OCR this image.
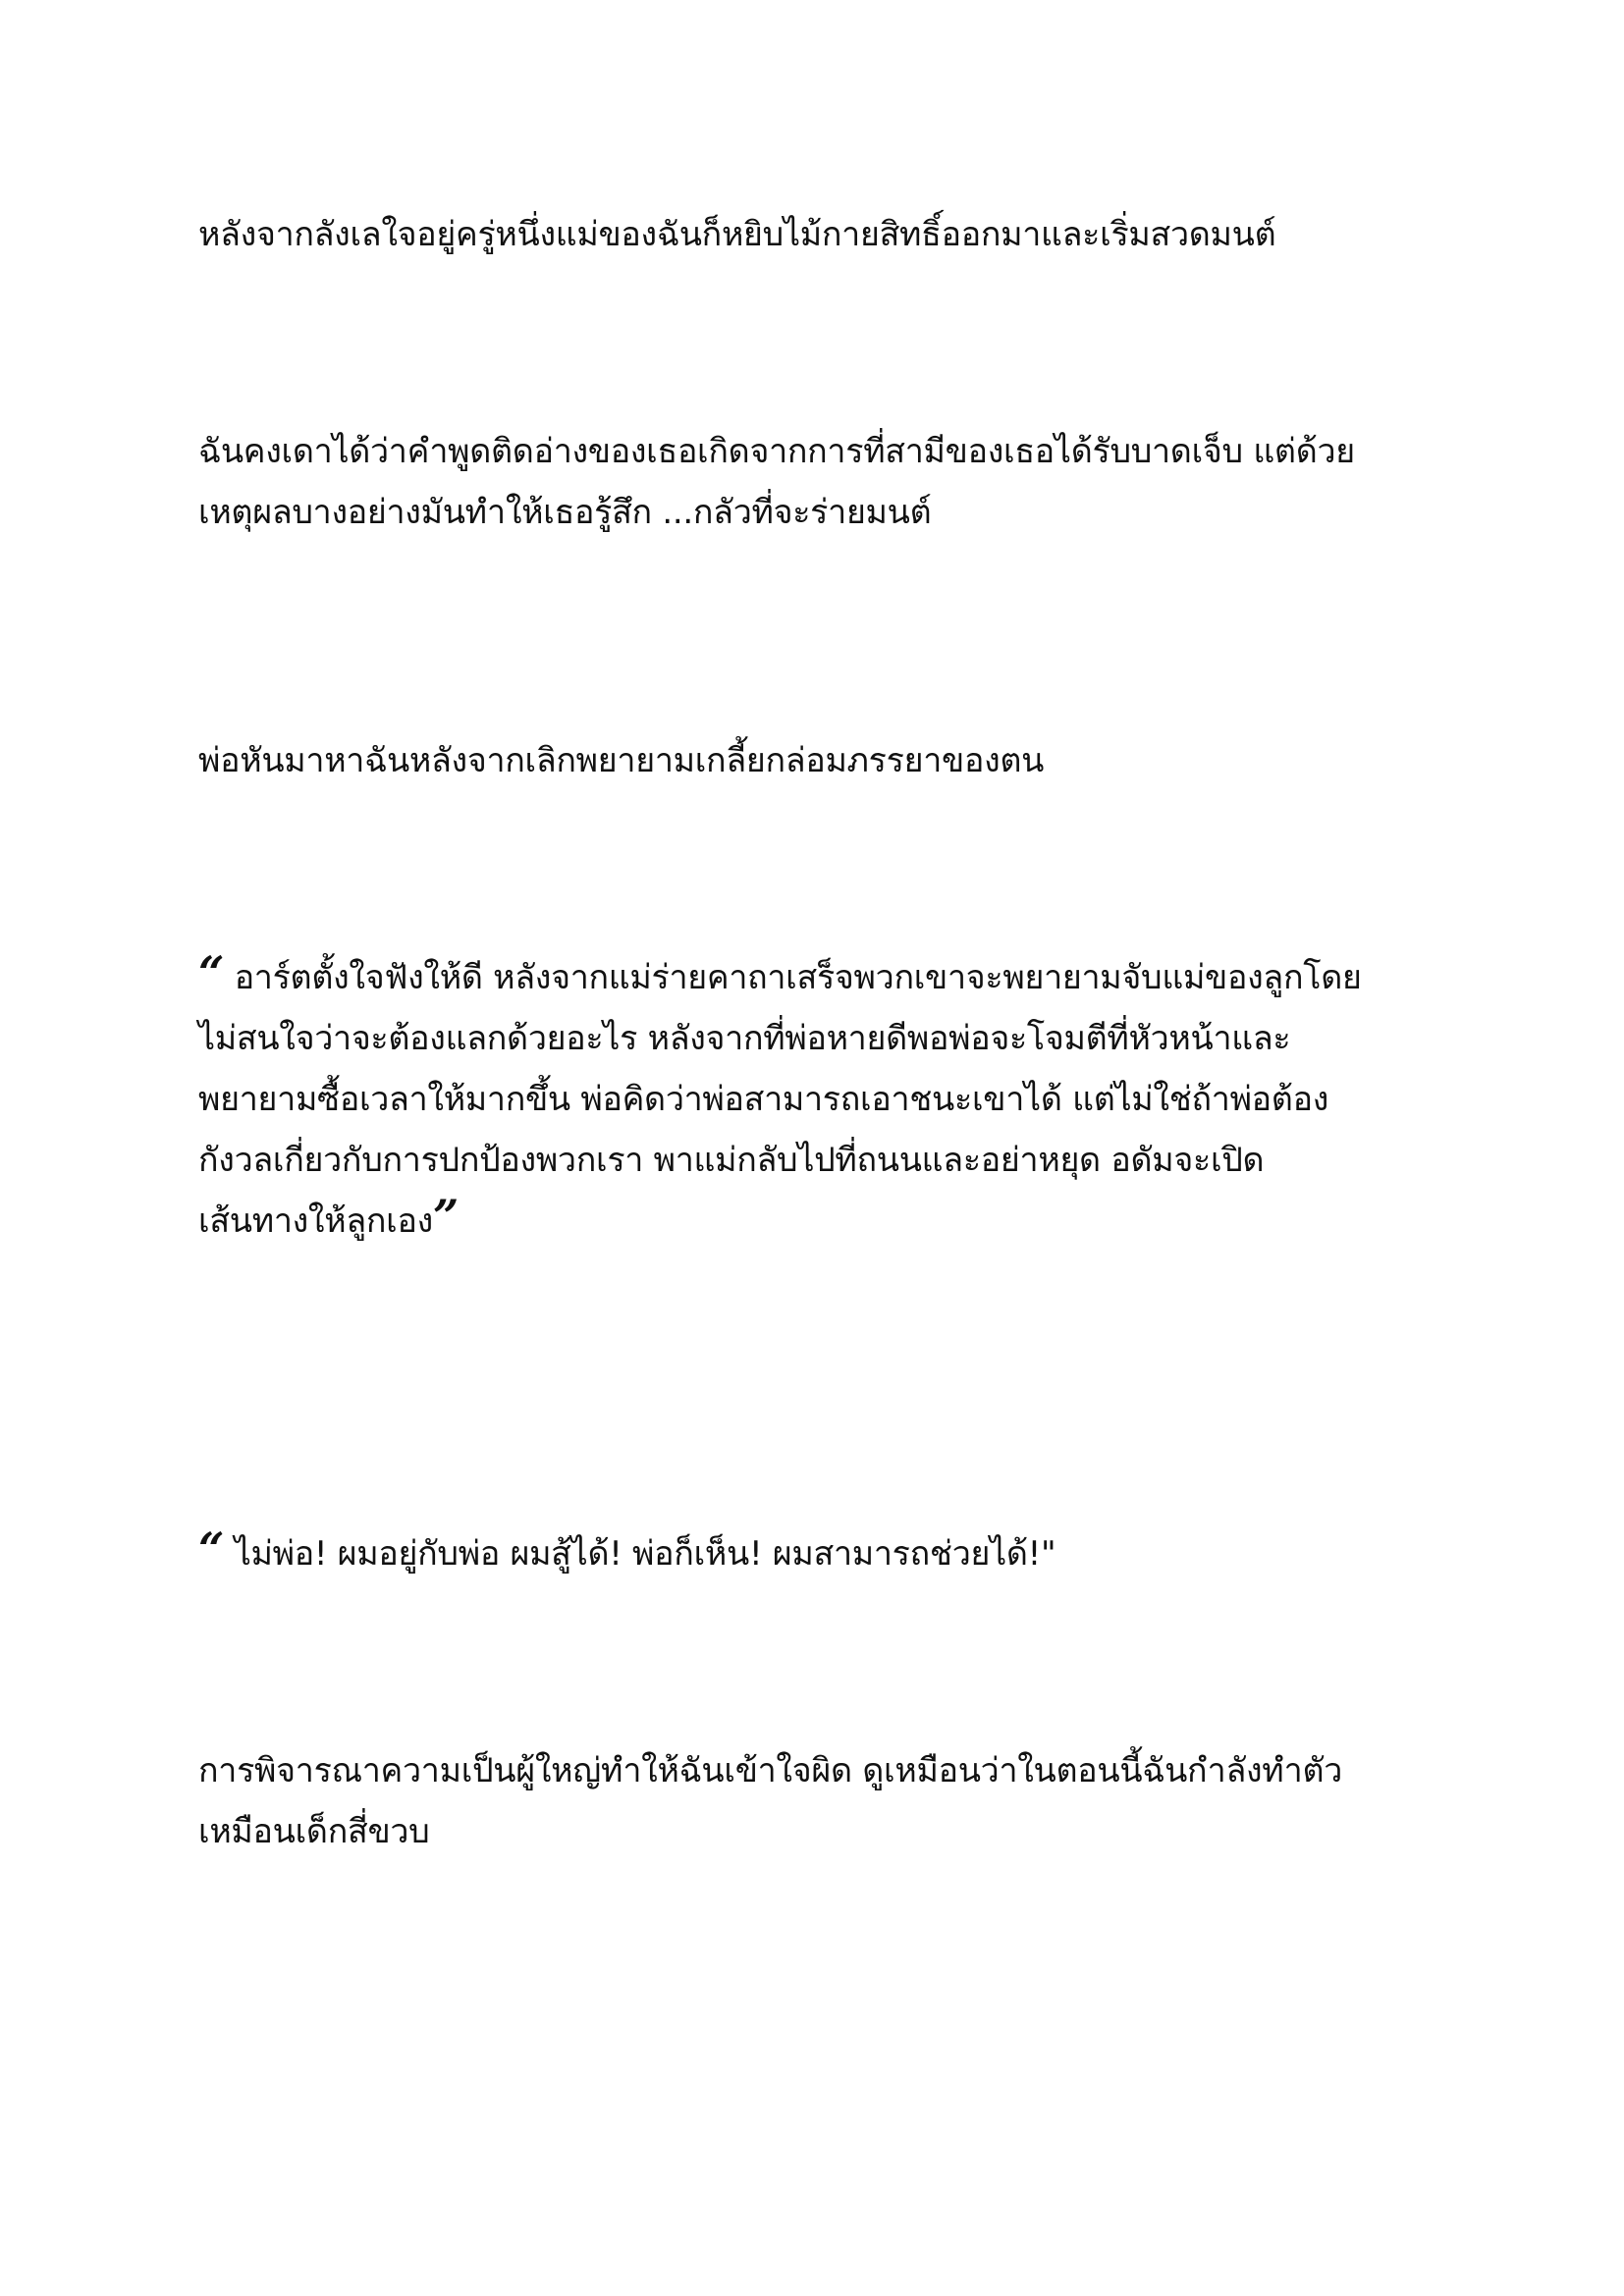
หลังจากลังเลใจอยู่ครู่หนึ่งแม่ของฉันก็หยิบไม้กายสิทธิ์ออกมาและเริ่มสวดมนต์

ฉันคงเดาได้ว่าคำพูดติดอ่างของเธอเกิดจากการที่สามีของเธอได้รับบาดเจ็บ แต่ด้วย
เหตุผลบางอย่างมันทำให้เธอรู้สึก ...กลัวที่จะร่ายมนต์

พ่อหันมาหาฉันหลังจากเลิกพยายามเกลี้ยกล่อมภรรยาของตน

“ อาร์ตตั้งใจฟังให้ดี หลังจากแม่ร่ายคาถาเสร็จพวกเขาจะพยายามจับแม่ของลูกโดย
ไม่สนใจว่าจะต้องแลกด้วยอะไร หลังจากที่พ่อหายดีพอพ่อจะโจมตีที่หัวหน้าและ
พยายามซื้อเวลาให้มากขึ้น พ่อคิดว่าพ่อสามารถเอาชนะเขาได้ แต่ไม่ใช่ถ้าพ่อต้อง
กังวลเกี่ยวกับการปกป้องพวกเรา พาแม่กลับไปที่ถนนและอย่าหยุด อดัมจะเปิด
เส้นทางให้ลูกเอง”

“ ไม่พ่อ! ผมอยู่กับพ่อ ผมสู้ได้! พ่อก็เห็น! ผมสามารถช่วยได้!"

การพิจารณาความเป็นผู้ใหญ่ทำให้ฉันเข้าใจผิด ดูเหมือนว่าในตอนนี้ฉันกำลังทำตัว
เหมือนเด็กสี่ขวบ
